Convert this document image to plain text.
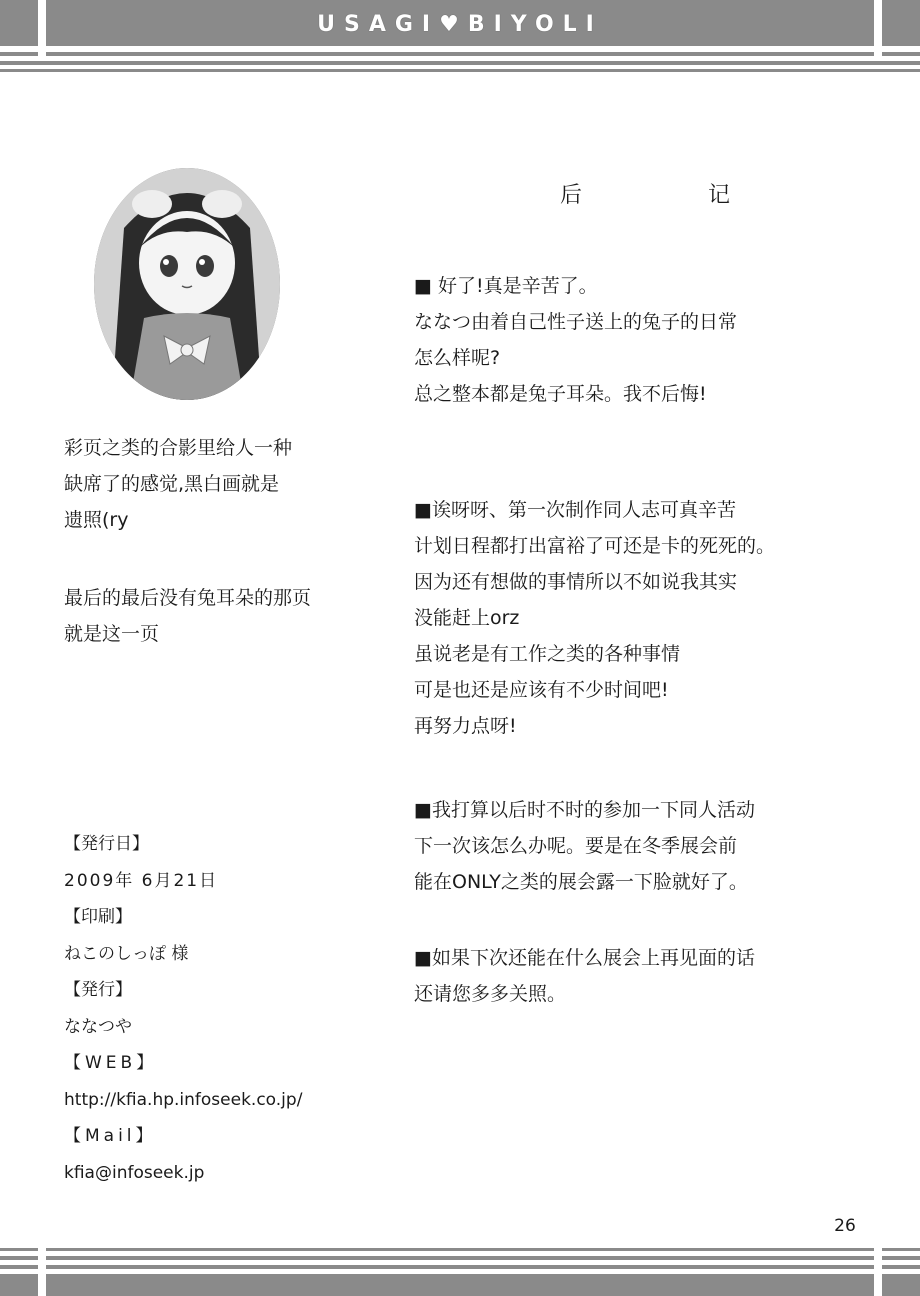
USAGI♥BIYOLI

彩页之类的合影里给人一种

缺席了的感觉,黑白画就是

遗照(ry

最后的最后没有兔耳朵的那页

就是这一页

后	记

■ 好了!真是辛苦了。

ななつ由着自己性子送上的兔子的日常

怎么样呢?

总之整本都是兔子耳朵。我不后悔!

■诶呀呀、第一次制作同人志可真辛苦

计划日程都打出富裕了可还是卡的死死的。

因为还有想做的事情所以不如说我其实

没能赶上orz

虽说老是有工作之类的各种事情

可是也还是应该有不少时间吧!

再努力点呀!

■我打算以后时不时的参加一下同人活动

下一次该怎么办呢。要是在冬季展会前

能在ONLY之类的展会露一下脸就好了。

■如果下次还能在什么展会上再见面的话

还请您多多关照。

【発行日】

2009年 6月21日

【印刷】

ねこのしっぽ 様

【発行】

ななつや

【WEB】

http://kfia.hp.infoseek.co.jp/

【Mail】

kfia@infoseek.jp

26
